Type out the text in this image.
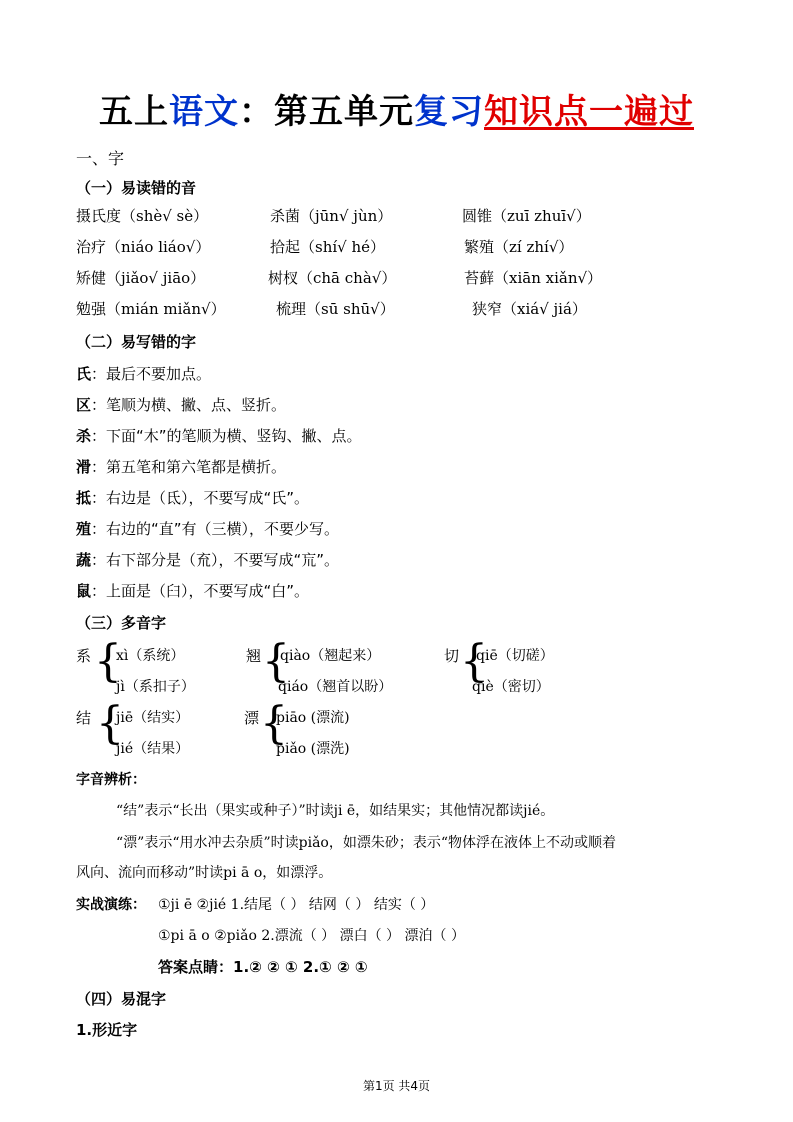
五上语文：第五单元复习知识点一遍过
一、字
（一）易读错的音
摄氏度（shè√ sè）	杀菌（jūn√ jùn）	圆锥（zuī zhuī√）
治疗（niáo liáo√）	拾起（shí√ hé）	繁殖（zí zhí√）
矫健（jiǎo√ jiāo）	树杈（chā chà√）	苔藓（xiān xiǎn√）
勉强（mián miǎn√）	梳理（sū shū√）	狭窄（xiá√ jiá）
（二）易写错的字
氏：最后不要加点。
区：笔顺为横、撇、点、竖折。
杀：下面“木”的笔顺为横、竖钩、撇、点。
滑：第五笔和第六笔都是横折。
抵：右边是（氐），不要写成“氏”。
殖：右边的“直”有（三横），不要少写。
蔬：右下部分是（㐬），不要写成“巟”。
鼠：上面是（臼），不要写成“白”。
（三）多音字
系 {
xì（系统）
jì（系扣子）
翘 {
qiào（翘起来）
qiáo（翘首以盼）
切 {
qiē（切磋）
qiè（密切）
结 {
jiē（结实）
jié（结果）
漂 {
piāo (漂流)
piǎo (漂洗)
字音辨析：
“结”表示“长出（果实或种子）”时读ji ē，如结果实；其他情况都读jié。
“漂”表示“用水冲去杂质”时读piǎo，如漂朱砂；表示“物体浮在液体上不动或顺着
风向、流向而移动”时读pi ā o，如漂浮。
实战演练： ①ji ē ②jié 1.结尾（ ） 结网（ ） 结实（ ）
①pi ā o ②piǎo 2.漂流（ ） 漂白（ ） 漂泊（ ）
答案点睛：1.② ② ① 2.① ② ①
（四）易混字
1.形近字
第1页 共4页
